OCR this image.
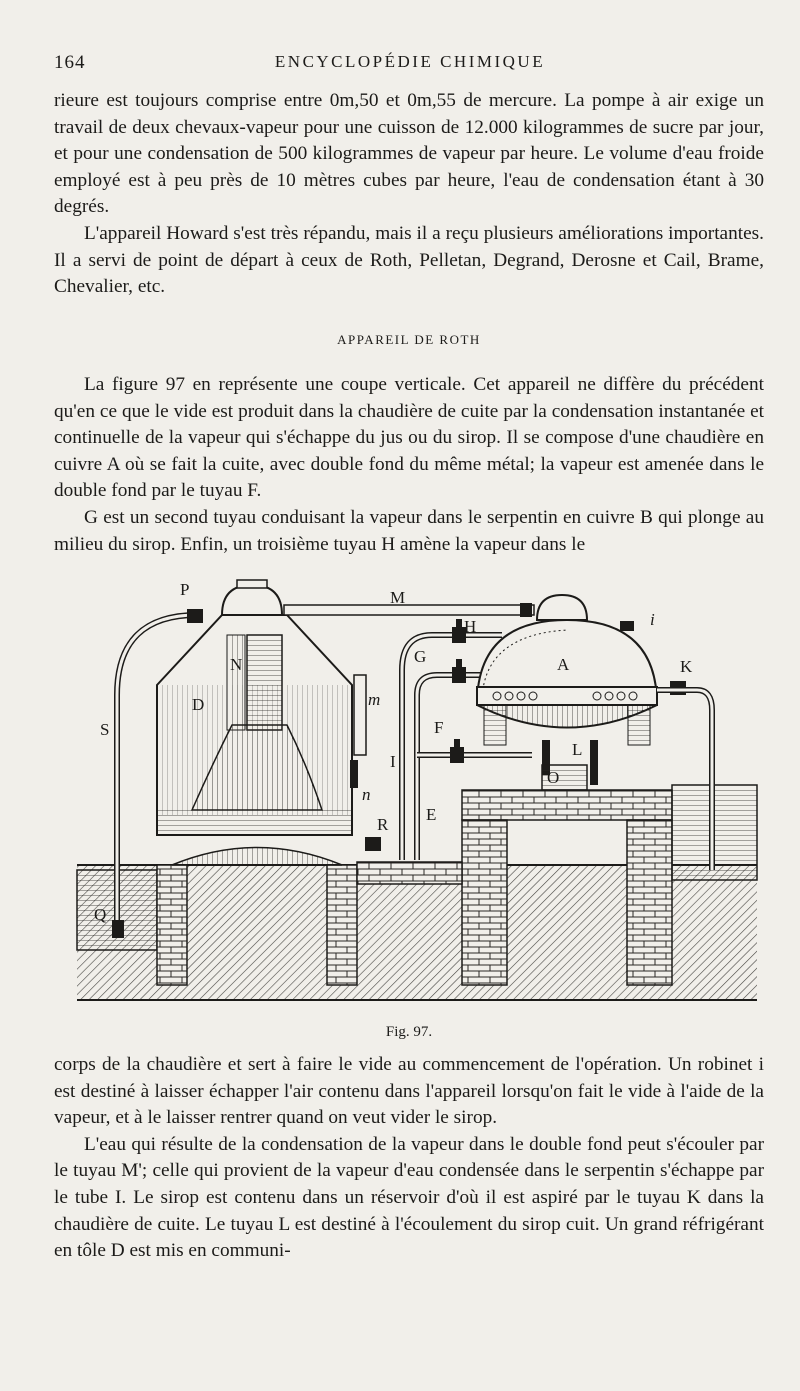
164	ENCYCLOPÉDIE CHIMIQUE

rieure est toujours comprise entre 0m,50 et 0m,55 de mercure. La pompe à air exige un travail de deux chevaux-vapeur pour une cuisson de 12.000 kilogrammes de sucre par jour, et pour une condensation de 500 kilogrammes de vapeur par heure. Le volume d'eau froide employé est à peu près de 10 mètres cubes par heure, l'eau de condensation étant à 30 degrés.

L'appareil Howard s'est très répandu, mais il a reçu plusieurs améliorations importantes. Il a servi de point de départ à ceux de Roth, Pelletan, Degrand, Derosne et Cail, Brame, Chevalier, etc.

APPAREIL DE ROTH

La figure 97 en représente une coupe verticale. Cet appareil ne diffère du précédent qu'en ce que le vide est produit dans la chaudière de cuite par la condensation instantanée et continuelle de la vapeur qui s'échappe du jus ou du sirop. Il se compose d'une chaudière en cuivre A où se fait la cuite, avec double fond du même métal; la vapeur est amenée dans le double fond par le tuyau F.

G est un second tuyau conduisant la vapeur dans le serpentin en cuivre B qui plonge au milieu du sirop. Enfin, un troisième tuyau H amène la vapeur dans le

P	M
i
H
G	A	K
D
N
m
F
S
I
L
O
n
E
R
Q
Fig. 97.

corps de la chaudière et sert à faire le vide au commencement de l'opération. Un robinet i est destiné à laisser échapper l'air contenu dans l'appareil lorsqu'on fait le vide à l'aide de la vapeur, et à le laisser rentrer quand on veut vider le sirop.

L'eau qui résulte de la condensation de la vapeur dans le double fond peut s'écouler par le tuyau M'; celle qui provient de la vapeur d'eau condensée dans le serpentin s'échappe par le tube I. Le sirop est contenu dans un réservoir d'où il est aspiré par le tuyau K dans la chaudière de cuite. Le tuyau L est destiné à l'écoulement du sirop cuit. Un grand réfrigérant en tôle D est mis en communi-
